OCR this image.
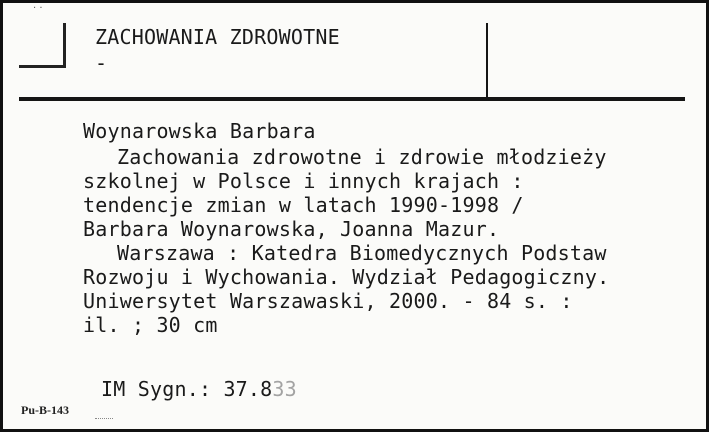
· ·
ZACHOWANIA ZDROWOTNE
-
Woynarowska Barbara
Zachowania zdrowotne i zdrowie młodzieży
szkolnej w Polsce i innych krajach :
tendencje zmian w latach 1990-1998 /
Barbara Woynarowska, Joanna Mazur.
Warszawa : Katedra Biomedycznych Podstaw
Rozwoju i Wychowania. Wydział Pedagogiczny.
Uniwersytet Warszawaski, 2000. - 84 s. :
il. ; 30 cm
IM Sygn.: 37.833
Pu-B-143
